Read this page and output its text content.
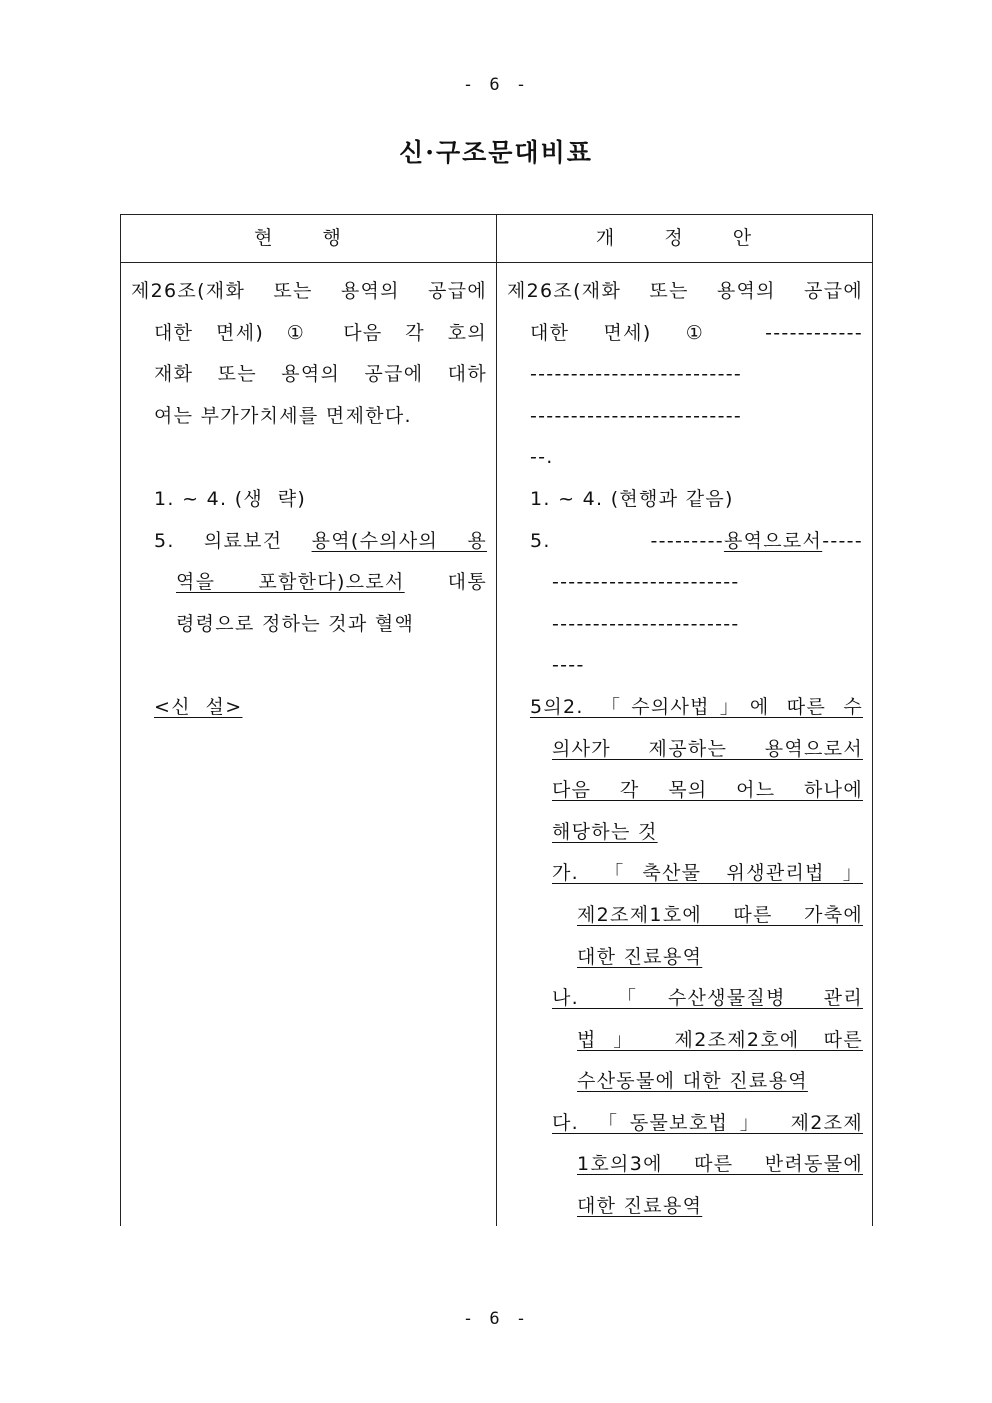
- 6 -
신·구조문대비표
현 행	개 정 안
제26조(재화 또는 용역의 공급에
대한 면세) ① 다음 각 호의
재화 또는 용역의 공급에 대하
여는 부가가치세를 면제한다.
1. ~ 4. (생  략)
5. 의료보건 용역(수의사의 용
역을 포함한다)으로서 대통
령령으로 정하는 것과 혈액
<신  설>
제26조(재화 또는 용역의 공급에
대한 면세) ① ------------
--------------------------
--------------------------
--.
1. ~ 4. (현행과 같음)
5. ---------용역으로서-----
-----------------------
-----------------------
----
5의2. 「수의사법」에 따른 수
의사가 제공하는 용역으로서
다음 각 목의 어느 하나에
해당하는 것
가. 「축산물 위생관리법」
제2조제1호에 따른 가축에
대한 진료용역
나. 「수산생물질병 관리
법」 제2조제2호에 따른
수산동물에 대한 진료용역
다. 「동물보호법」 제2조제
1호의3에 따른 반려동물에
대한 진료용역
- 6 -
